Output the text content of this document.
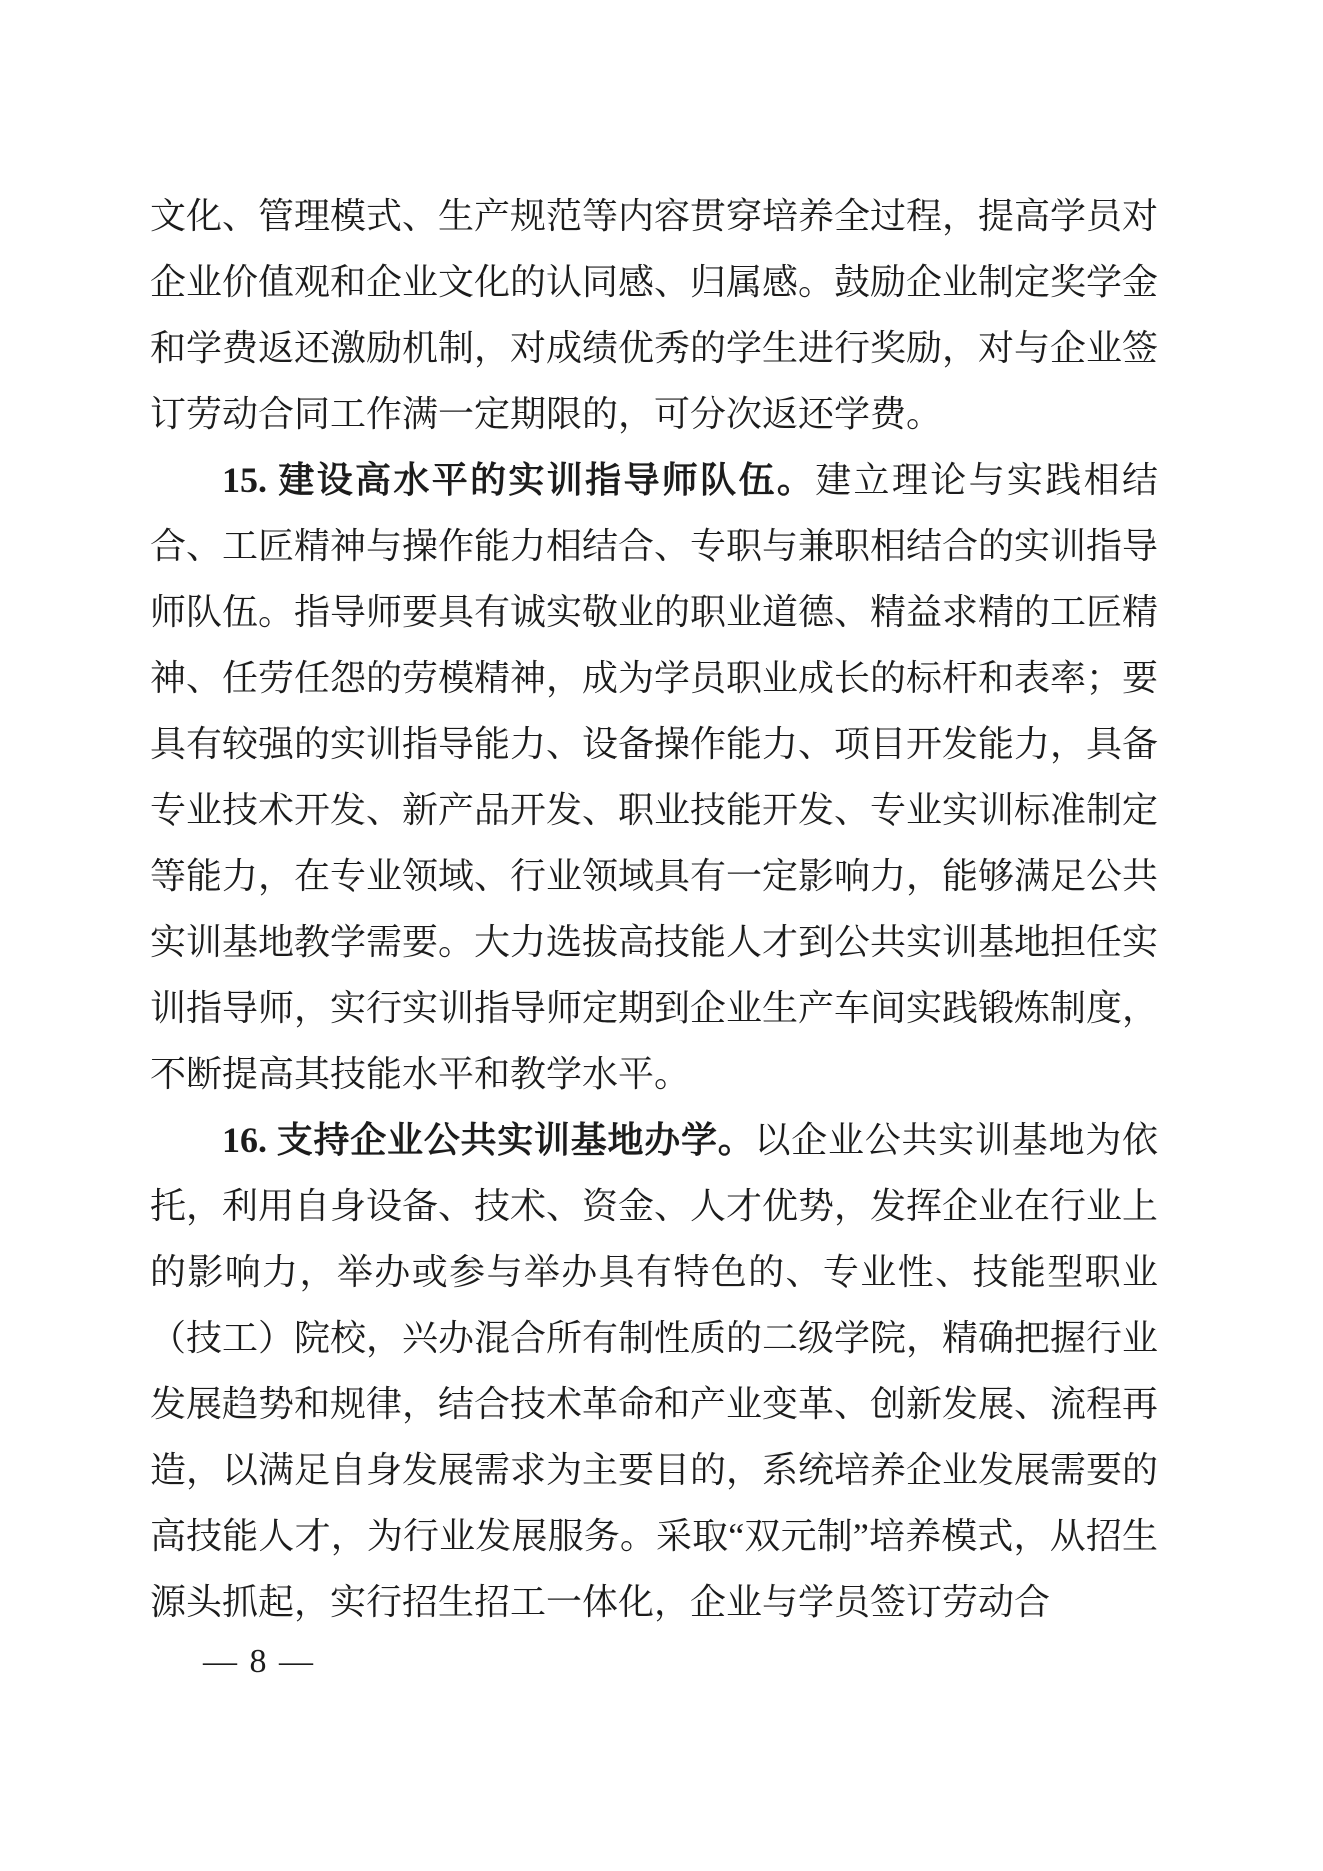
文化、管理模式、生产规范等内容贯穿培养全过程，提高学员对企业价值观和企业文化的认同感、归属感。鼓励企业制定奖学金和学费返还激励机制，对成绩优秀的学生进行奖励，对与企业签订劳动合同工作满一定期限的，可分次返还学费。

15. 建设高水平的实训指导师队伍。建立理论与实践相结合、工匠精神与操作能力相结合、专职与兼职相结合的实训指导师队伍。指导师要具有诚实敬业的职业道德、精益求精的工匠精神、任劳任怨的劳模精神，成为学员职业成长的标杆和表率；要具有较强的实训指导能力、设备操作能力、项目开发能力，具备专业技术开发、新产品开发、职业技能开发、专业实训标准制定等能力，在专业领域、行业领域具有一定影响力，能够满足公共实训基地教学需要。大力选拔高技能人才到公共实训基地担任实训指导师，实行实训指导师定期到企业生产车间实践锻炼制度，不断提高其技能水平和教学水平。

16. 支持企业公共实训基地办学。以企业公共实训基地为依托，利用自身设备、技术、资金、人才优势，发挥企业在行业上的影响力，举办或参与举办具有特色的、专业性、技能型职业（技工）院校，兴办混合所有制性质的二级学院，精确把握行业发展趋势和规律，结合技术革命和产业变革、创新发展、流程再造，以满足自身发展需求为主要目的，系统培养企业发展需要的高技能人才，为行业发展服务。采取“双元制”培养模式，从招生源头抓起，实行招生招工一体化，企业与学员签订劳动合

— 8 —
